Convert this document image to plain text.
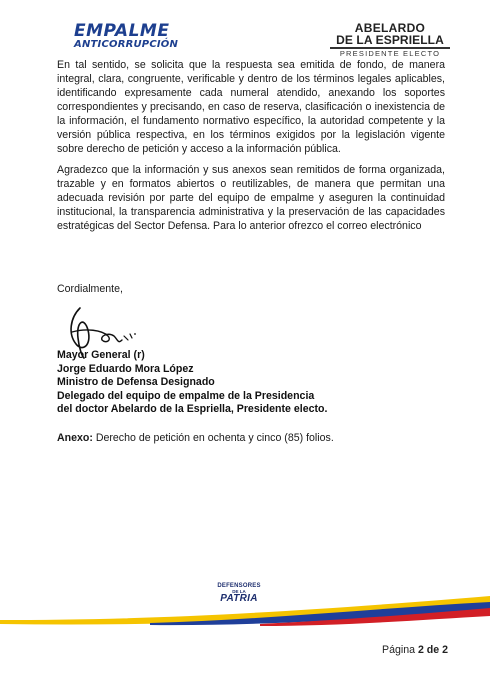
EMPALME
ANTICORRUPCIÓN
ABELARDO
DE LA ESPRIELLA
PRESIDENTE ELECTO

En tal sentido, se solicita que la respuesta sea emitida de fondo, de manera integral, clara, congruente, verificable y dentro de los términos legales aplicables, identificando expresamente cada numeral atendido, anexando los soportes correspondientes y precisando, en caso de reserva, clasificación o inexistencia de la información, el fundamento normativo específico, la autoridad competente y la versión pública respectiva, en los términos exigidos por la legislación vigente sobre derecho de petición y acceso a la información pública.

Agradezco que la información y sus anexos sean remitidos de forma organizada, trazable y en formatos abiertos o reutilizables, de manera que permitan una adecuada revisión por parte del equipo de empalme y aseguren la continuidad institucional, la transparencia administrativa y la preservación de las capacidades estratégicas del Sector Defensa. Para lo anterior ofrezco el correo electrónico

Cordialmente,
Mayor General (r)
Jorge Eduardo Mora López
Ministro de Defensa Designado
Delegado del equipo de empalme de la Presidencia
del doctor Abelardo de la Espriella, Presidente electo.
Anexo: Derecho de petición en ochenta y cinco (85) folios.
DEFENSORES
DE LA
PATRIA
Página 2 de 2
